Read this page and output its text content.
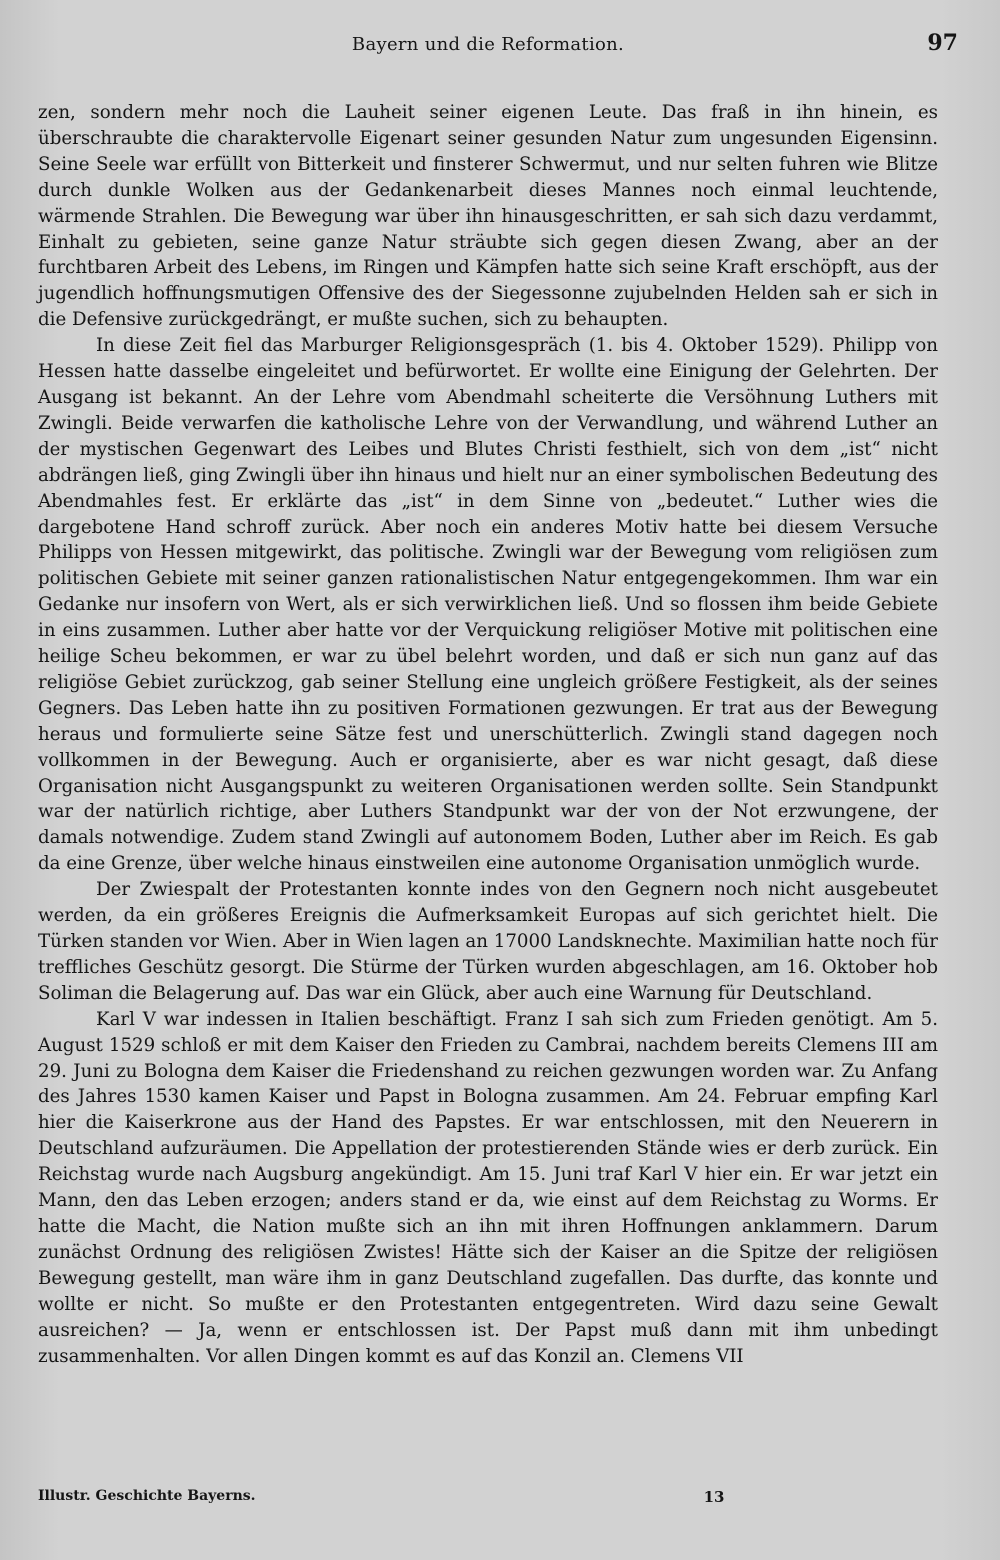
Bayern und die Reformation.	97

zen, sondern mehr noch die Lauheit seiner eigenen Leute. Das fraß in ihn hinein, es überschraubte die charaktervolle Eigenart seiner gesunden Natur zum ungesunden Eigensinn. Seine Seele war erfüllt von Bitterkeit und finsterer Schwermut, und nur selten fuhren wie Blitze durch dunkle Wolken aus der Gedankenarbeit dieses Mannes noch einmal leuchtende, wärmende Strahlen. Die Bewegung war über ihn hinausgeschritten, er sah sich dazu verdammt, Einhalt zu gebieten, seine ganze Natur sträubte sich gegen diesen Zwang, aber an der furchtbaren Arbeit des Lebens, im Ringen und Kämpfen hatte sich seine Kraft erschöpft, aus der jugendlich hoffnungsmutigen Offensive des der Siegessonne zujubelnden Helden sah er sich in die Defensive zurückgedrängt, er mußte suchen, sich zu behaupten.

In diese Zeit fiel das Marburger Religionsgespräch (1. bis 4. Oktober 1529). Philipp von Hessen hatte dasselbe eingeleitet und befürwortet. Er wollte eine Einigung der Gelehrten. Der Ausgang ist bekannt. An der Lehre vom Abendmahl scheiterte die Versöhnung Luthers mit Zwingli. Beide verwarfen die katholische Lehre von der Verwandlung, und während Luther an der mystischen Gegenwart des Leibes und Blutes Christi festhielt, sich von dem „ist“ nicht abdrängen ließ, ging Zwingli über ihn hinaus und hielt nur an einer symbolischen Bedeutung des Abendmahles fest. Er erklärte das „ist“ in dem Sinne von „bedeutet.“ Luther wies die dargebotene Hand schroff zurück. Aber noch ein anderes Motiv hatte bei diesem Versuche Philipps von Hessen mitgewirkt, das politische. Zwingli war der Bewegung vom religiösen zum politischen Gebiete mit seiner ganzen rationalistischen Natur entgegengekommen. Ihm war ein Gedanke nur insofern von Wert, als er sich verwirklichen ließ. Und so flossen ihm beide Gebiete in eins zusammen. Luther aber hatte vor der Verquickung religiöser Motive mit politischen eine heilige Scheu bekommen, er war zu übel belehrt worden, und daß er sich nun ganz auf das religiöse Gebiet zurückzog, gab seiner Stellung eine ungleich größere Festigkeit, als der seines Gegners. Das Leben hatte ihn zu positiven Formationen gezwungen. Er trat aus der Bewegung heraus und formulierte seine Sätze fest und unerschütterlich. Zwingli stand dagegen noch vollkommen in der Bewegung. Auch er organisierte, aber es war nicht gesagt, daß diese Organisation nicht Ausgangspunkt zu weiteren Organisationen werden sollte. Sein Standpunkt war der natürlich richtige, aber Luthers Standpunkt war der von der Not erzwungene, der damals notwendige. Zudem stand Zwingli auf autonomem Boden, Luther aber im Reich. Es gab da eine Grenze, über welche hinaus einstweilen eine autonome Organisation unmöglich wurde.

Der Zwiespalt der Protestanten konnte indes von den Gegnern noch nicht ausgebeutet werden, da ein größeres Ereignis die Aufmerksamkeit Europas auf sich gerichtet hielt. Die Türken standen vor Wien. Aber in Wien lagen an 17000 Landsknechte. Maximilian hatte noch für treffliches Geschütz gesorgt. Die Stürme der Türken wurden abgeschlagen, am 16. Oktober hob Soliman die Belagerung auf. Das war ein Glück, aber auch eine Warnung für Deutschland.

Karl V war indessen in Italien beschäftigt. Franz I sah sich zum Frieden genötigt. Am 5. August 1529 schloß er mit dem Kaiser den Frieden zu Cambrai, nachdem bereits Clemens III am 29. Juni zu Bologna dem Kaiser die Friedenshand zu reichen gezwungen worden war. Zu Anfang des Jahres 1530 kamen Kaiser und Papst in Bologna zusammen. Am 24. Februar empfing Karl hier die Kaiserkrone aus der Hand des Papstes. Er war entschlossen, mit den Neuerern in Deutschland aufzuräumen. Die Appellation der protestierenden Stände wies er derb zurück. Ein Reichstag wurde nach Augsburg angekündigt. Am 15. Juni traf Karl V hier ein. Er war jetzt ein Mann, den das Leben erzogen; anders stand er da, wie einst auf dem Reichstag zu Worms. Er hatte die Macht, die Nation mußte sich an ihn mit ihren Hoffnungen anklammern. Darum zunächst Ordnung des religiösen Zwistes! Hätte sich der Kaiser an die Spitze der religiösen Bewegung gestellt, man wäre ihm in ganz Deutschland zugefallen. Das durfte, das konnte und wollte er nicht. So mußte er den Protestanten entgegentreten. Wird dazu seine Gewalt ausreichen? — Ja, wenn er entschlossen ist. Der Papst muß dann mit ihm unbedingt zusammenhalten. Vor allen Dingen kommt es auf das Konzil an. Clemens VII

Illustr. Geschichte Bayerns.	13
